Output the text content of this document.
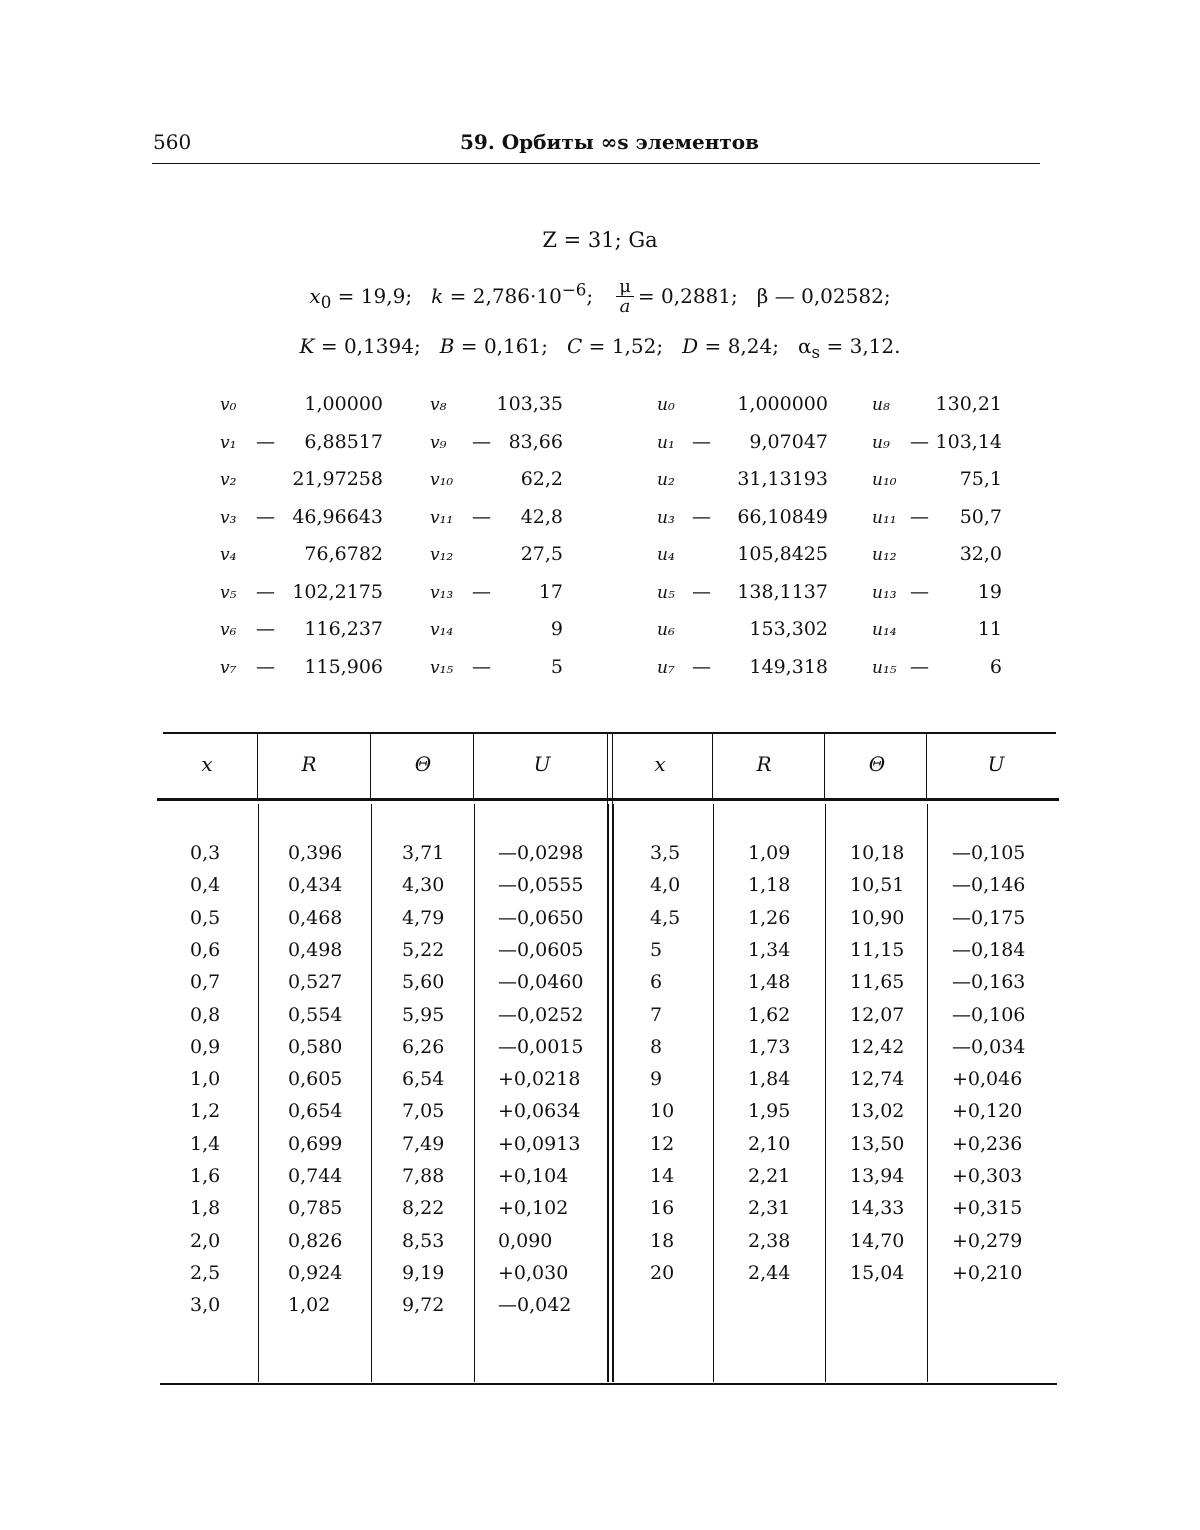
560	59. Орбиты ∞s элементов
Z = 31; Ga
x0 = 19,9;   k = 2,786·10−6; μ
a = 0,2881;   β — 0,02582;
K = 0,1394;   B = 0,161;   C = 1,52;   D = 8,24;   αs = 3,12.
v₀	1,00000
v₁ —	6,88517
v₂	21,97258
v₃ — 46,96643
v₄	76,6782
v₅ — 102,2175
v₆ —	116,237
v₇ —	115,906
v₈	103,35
v₉ — 83,66
v₁₀	62,2
v₁₁ —	42,8
v₁₂	27,5
v₁₃ —	17
v₁₄	9
v₁₅ —	5
u₀	1,000000
u₁ —	9,07047
u₂	31,13193
u₃ —	66,10849
u₄	105,8425
u₅ —	138,1137
u₆	153,302
u₇ —	149,318
u₈	130,21
u₉ — 103,14
u₁₀	75,1
u₁₁ —	50,7
u₁₂	32,0
u₁₃ —	19
u₁₄	11
u₁₅ —	6
x	R	Θ	U	x	R	Θ	U
0,3	0,396	3,71	—0,0298
0,4	0,434	4,30	—0,0555
0,5	0,468	4,79	—0,0650
0,6	0,498	5,22	—0,0605
0,7	0,527	5,60	—0,0460
0,8	0,554	5,95	—0,0252
0,9	0,580	6,26	—0,0015
1,0	0,605	6,54	+0,0218
1,2	0,654	7,05	+0,0634
1,4	0,699	7,49	+0,0913
1,6	0,744	7,88	+0,104
1,8	0,785	8,22	+0,102
2,0	0,826	8,53	0,090
2,5	0,924	9,19	+0,030
3,0	1,02	9,72	—0,042
3,5	1,09	10,18	—0,105
4,0	1,18	10,51	—0,146
4,5	1,26	10,90	—0,175
5	1,34	11,15	—0,184
6	1,48	11,65	—0,163
7	1,62	12,07	—0,106
8	1,73	12,42	—0,034
9	1,84	12,74	+0,046
10	1,95	13,02	+0,120
12	2,10	13,50	+0,236
14	2,21	13,94	+0,303
16	2,31	14,33	+0,315
18	2,38	14,70	+0,279
20	2,44	15,04	+0,210
